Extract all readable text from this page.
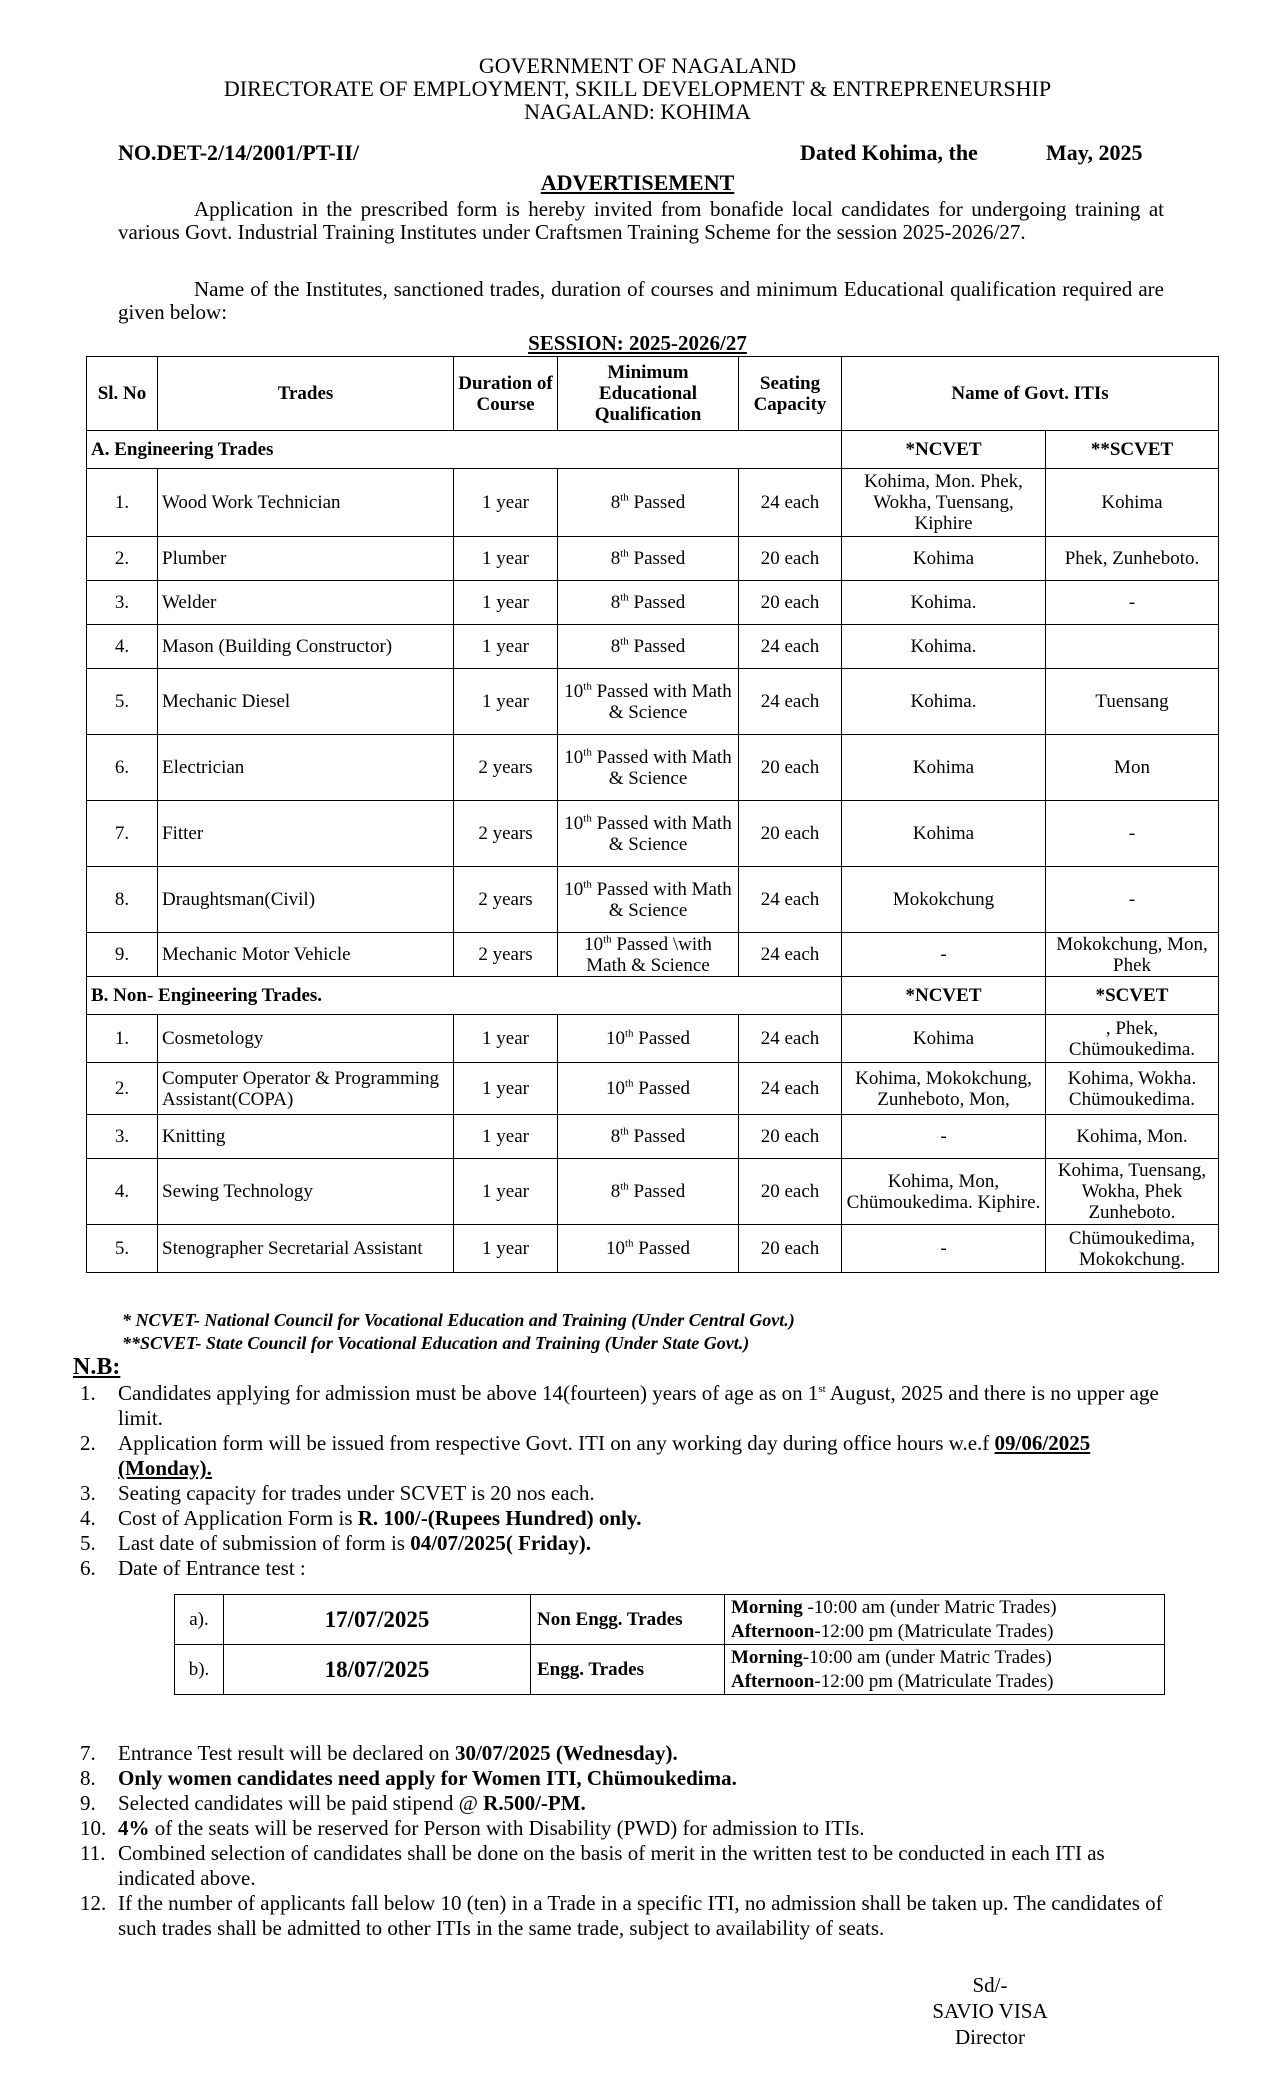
GOVERNMENT OF NAGALAND
DIRECTORATE OF EMPLOYMENT, SKILL DEVELOPMENT & ENTREPRENEURSHIP
NAGALAND: KOHIMA
NO.DET-2/14/2001/PT-II/	Dated Kohima, the	May, 2025
ADVERTISEMENT
Application in the prescribed form is hereby invited from bonafide local candidates for undergoing training at various Govt. Industrial Training Institutes under Craftsmen Training Scheme for the session 2025-2026/27.
Name of the Institutes, sanctioned trades, duration of courses and minimum Educational qualification required are given below:
SESSION: 2025-2026/27
Sl. No	Trades	Duration of Course	Minimum Educational Qualification	Seating Capacity	Name of Govt. ITIs	
A. Engineering Trades					*NCVET	**SCVET
1.	Wood Work Technician	1 year	8th Passed	24 each	Kohima, Mon. Phek, Wokha, Tuensang, Kiphire	Kohima
2.	Plumber	1 year	8th Passed	20 each	Kohima	Phek, Zunheboto.
3.	Welder	1 year	8th Passed	20 each	Kohima.	-
4.	Mason (Building Constructor)	1 year	8th Passed	24 each	Kohima.	
5.	Mechanic Diesel	1 year	10th Passed with Math & Science	24 each	Kohima.	Tuensang
6.	Electrician	2 years	10th Passed with Math & Science	20 each	Kohima	Mon
7.	Fitter	2 years	10th Passed with Math & Science	20 each	Kohima	-
8.	Draughtsman(Civil)	2 years	10th Passed with Math & Science	24 each	Mokokchung	-
9.	Mechanic Motor Vehicle	2 years	10th Passed \with Math & Science	24 each	-	Mokokchung, Mon, Phek
B. Non- Engineering Trades.					*NCVET	*SCVET
1.	Cosmetology	1 year	10th Passed	24 each	Kohima	, Phek, Chümoukedima.
2.	Computer Operator & Programming Assistant(COPA)	1 year	10th Passed	24 each	Kohima, Mokokchung, Zunheboto, Mon,	Kohima, Wokha. Chümoukedima.
3.	Knitting	1 year	8th Passed	20 each	-	Kohima, Mon.
4.	Sewing Technology	1 year	8th Passed	20 each	Kohima, Mon, Chümoukedima. Kiphire.	Kohima, Tuensang, Wokha, Phek Zunheboto.
5.	Stenographer Secretarial Assistant	1 year	10th Passed	20 each	-	Chümoukedima, Mokokchung.
* NCVET- National Council for Vocational Education and Training (Under Central Govt.)
**SCVET- State Council for Vocational Education and Training (Under State Govt.)
N.B:
1. Candidates applying for admission must be above 14(fourteen) years of age as on 1st August, 2025 and there is no upper age limit.
2. Application form will be issued from respective Govt. ITI on any working day during office hours w.e.f 09/06/2025 (Monday).
3. Seating capacity for trades under SCVET is 20 nos each.
4. Cost of Application Form is R. 100/-(Rupees Hundred) only.
5. Last date of submission of form is 04/07/2025( Friday).
6. Date of Entrance test :
a).	17/07/2025	Non Engg. Trades	Morning -10:00 am (under Matric Trades)
Afternoon-12:00 pm (Matriculate Trades)

b).	18/07/2025	Engg. Trades	Morning-10:00 am (under Matric Trades)
Afternoon-12:00 pm (Matriculate Trades)
7. Entrance Test result will be declared on 30/07/2025 (Wednesday).
8. Only women candidates need apply for Women ITI, Chümoukedima.
9. Selected candidates will be paid stipend @ R.500/-PM.
10. 4% of the seats will be reserved for Person with Disability (PWD) for admission to ITIs.
11. Combined selection of candidates shall be done on the basis of merit in the written test to be conducted in each ITI as indicated above.
12. If the number of applicants fall below 10 (ten) in a Trade in a specific ITI, no admission shall be taken up. The candidates of such trades shall be admitted to other ITIs in the same trade, subject to availability of seats.
Sd/-
SAVIO VISA
Director
